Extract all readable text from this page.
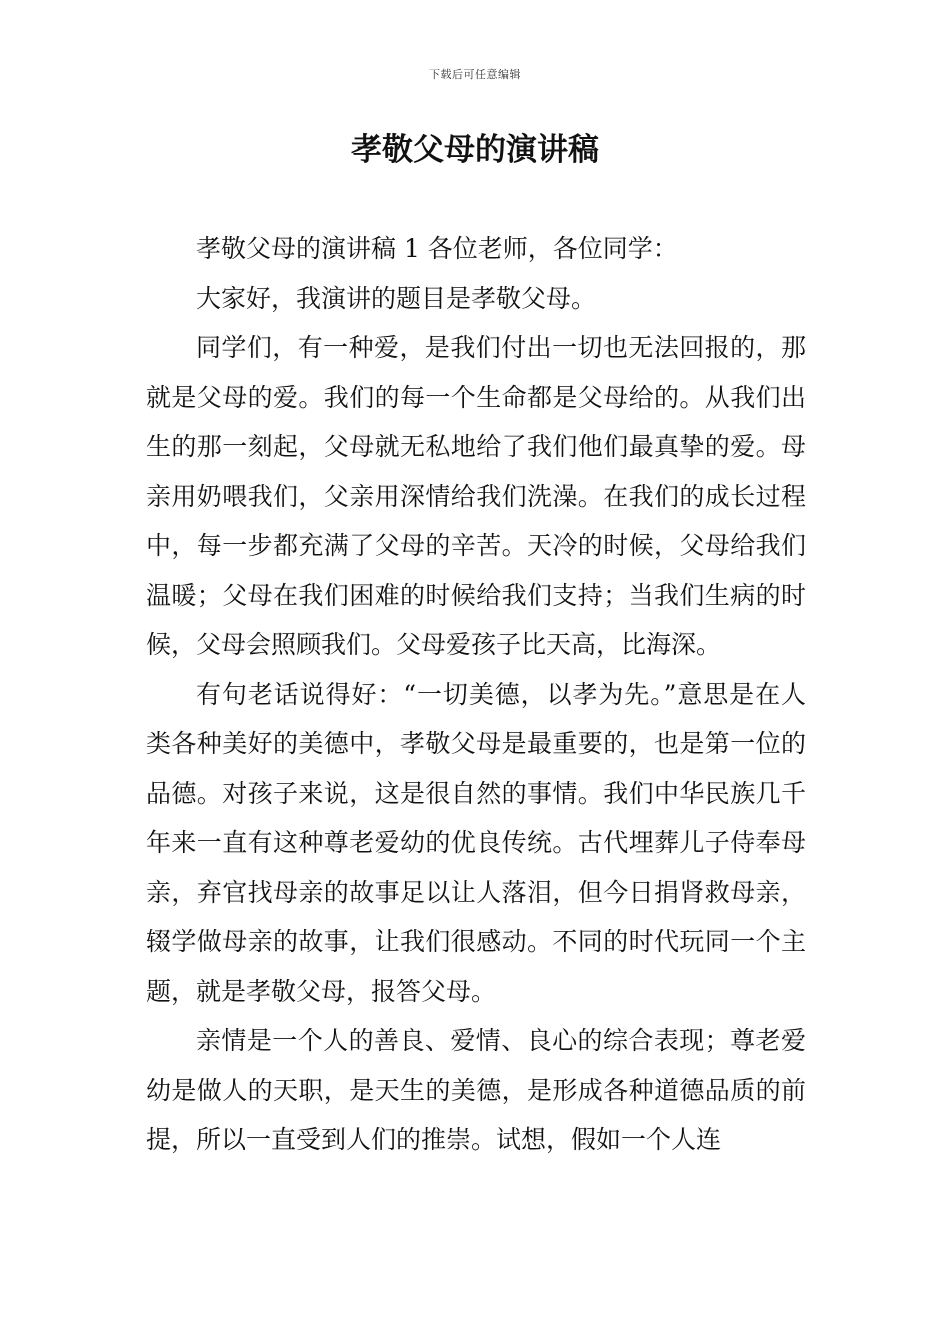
下载后可任意编辑
孝敬父母的演讲稿

孝敬父母的演讲稿 1 各位老师，各位同学：

大家好，我演讲的题目是孝敬父母。

同学们，有一种爱，是我们付出一切也无法回报的，那就是父母的爱。我们的每一个生命都是父母给的。从我们出生的那一刻起，父母就无私地给了我们他们最真挚的爱。母亲用奶喂我们，父亲用深情给我们洗澡。在我们的成长过程中，每一步都充满了父母的辛苦。天冷的时候，父母给我们温暖；父母在我们困难的时候给我们支持；当我们生病的时候，父母会照顾我们。父母爱孩子比天高，比海深。

有句老话说得好：“一切美德，以孝为先。”意思是在人类各种美好的美德中，孝敬父母是最重要的，也是第一位的品德。对孩子来说，这是很自然的事情。我们中华民族几千年来一直有这种尊老爱幼的优良传统。古代埋葬儿子侍奉母亲，弃官找母亲的故事足以让人落泪，但今日捐肾救母亲，辍学做母亲的故事，让我们很感动。不同的时代玩同一个主题，就是孝敬父母，报答父母。

亲情是一个人的善良、爱情、良心的综合表现；尊老爱幼是做人的天职，是天生的美德，是形成各种道德品质的前提，所以一直受到人们的推崇。试想，假如一个人连
